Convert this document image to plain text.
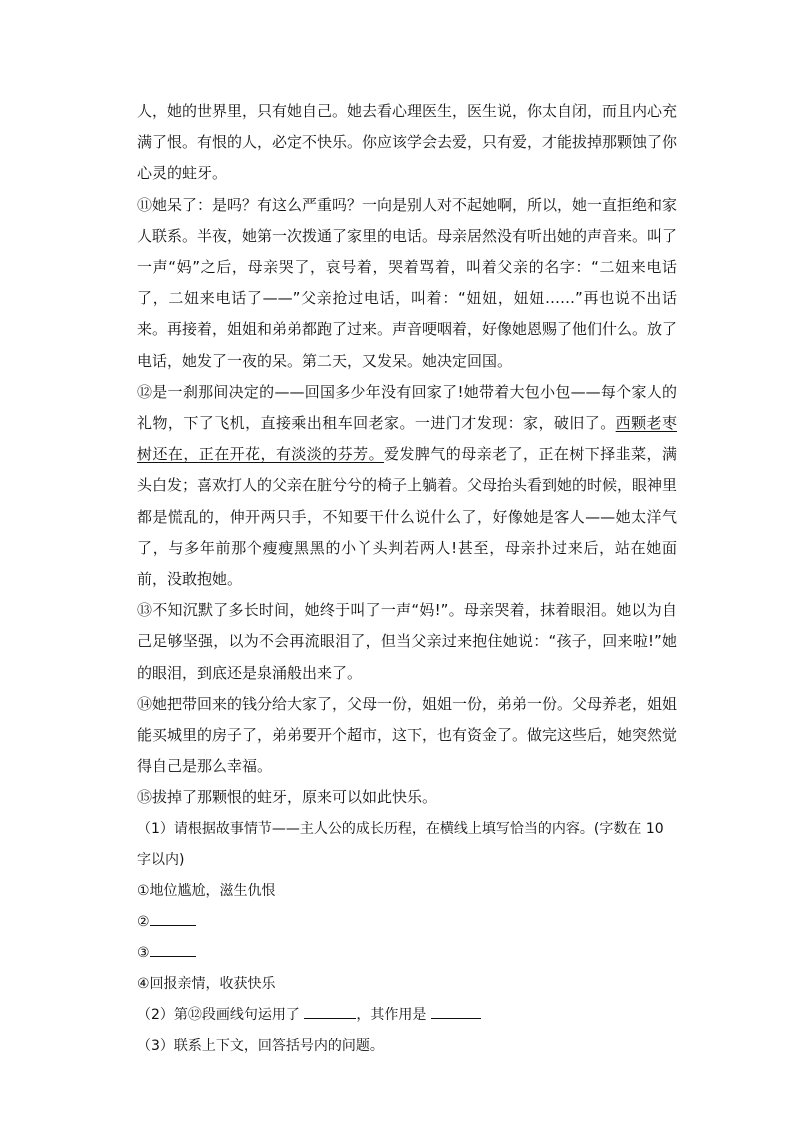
人，她的世界里，只有她自己。她去看心理医生，医生说，你太自闭，而且内心充满了恨。有恨的人，必定不快乐。你应该学会去爱，只有爱，才能拔掉那颗蚀了你心灵的蛀牙。

⑪她呆了：是吗？有这么严重吗？一向是别人对不起她啊，所以，她一直拒绝和家人联系。半夜，她第一次拨通了家里的电话。母亲居然没有听出她的声音来。叫了一声“妈”之后，母亲哭了，哀号着，哭着骂着，叫着父亲的名字：“二妞来电话了，二妞来电话了——”父亲抢过电话，叫着：“妞妞，妞妞……”再也说不出话来。再接着，姐姐和弟弟都跑了过来。声音哽咽着，好像她恩赐了他们什么。放了电话，她发了一夜的呆。第二天，又发呆。她决定回国。

⑫是一刹那间决定的——回国多少年没有回家了!她带着大包小包——每个家人的礼物，下了飞机，直接乘出租车回老家。一进门才发现：家，破旧了。西颗老枣树还在，正在开花，有淡淡的芬芳。爱发脾气的母亲老了，正在树下择韭菜，满头白发；喜欢打人的父亲在脏兮兮的椅子上躺着。父母抬头看到她的时候，眼神里都是慌乱的，伸开两只手，不知要干什么说什么了，好像她是客人——她太洋气了，与多年前那个瘦瘦黑黑的小丫头判若两人!甚至，母亲扑过来后，站在她面前，没敢抱她。

⑬不知沉默了多长时间，她终于叫了一声“妈!”。母亲哭着，抹着眼泪。她以为自己足够坚强，以为不会再流眼泪了，但当父亲过来抱住她说：“孩子，回来啦!”她的眼泪，到底还是泉涌般出来了。

⑭她把带回来的钱分给大家了，父母一份，姐姐一份，弟弟一份。父母养老，姐姐能买城里的房子了，弟弟要开个超市，这下，也有资金了。做完这些后，她突然觉得自己是那么幸福。

⑮拔掉了那颗恨的蛀牙，原来可以如此快乐。

（1）请根据故事情节——主人公的成长历程，在横线上填写恰当的内容。(字数在 10 字以内)

①地位尴尬，滋生仇恨

②

③

④回报亲情，收获快乐

（2）第⑫段画线句运用了	，其作用是

（3）联系上下文，回答括号内的问题。
